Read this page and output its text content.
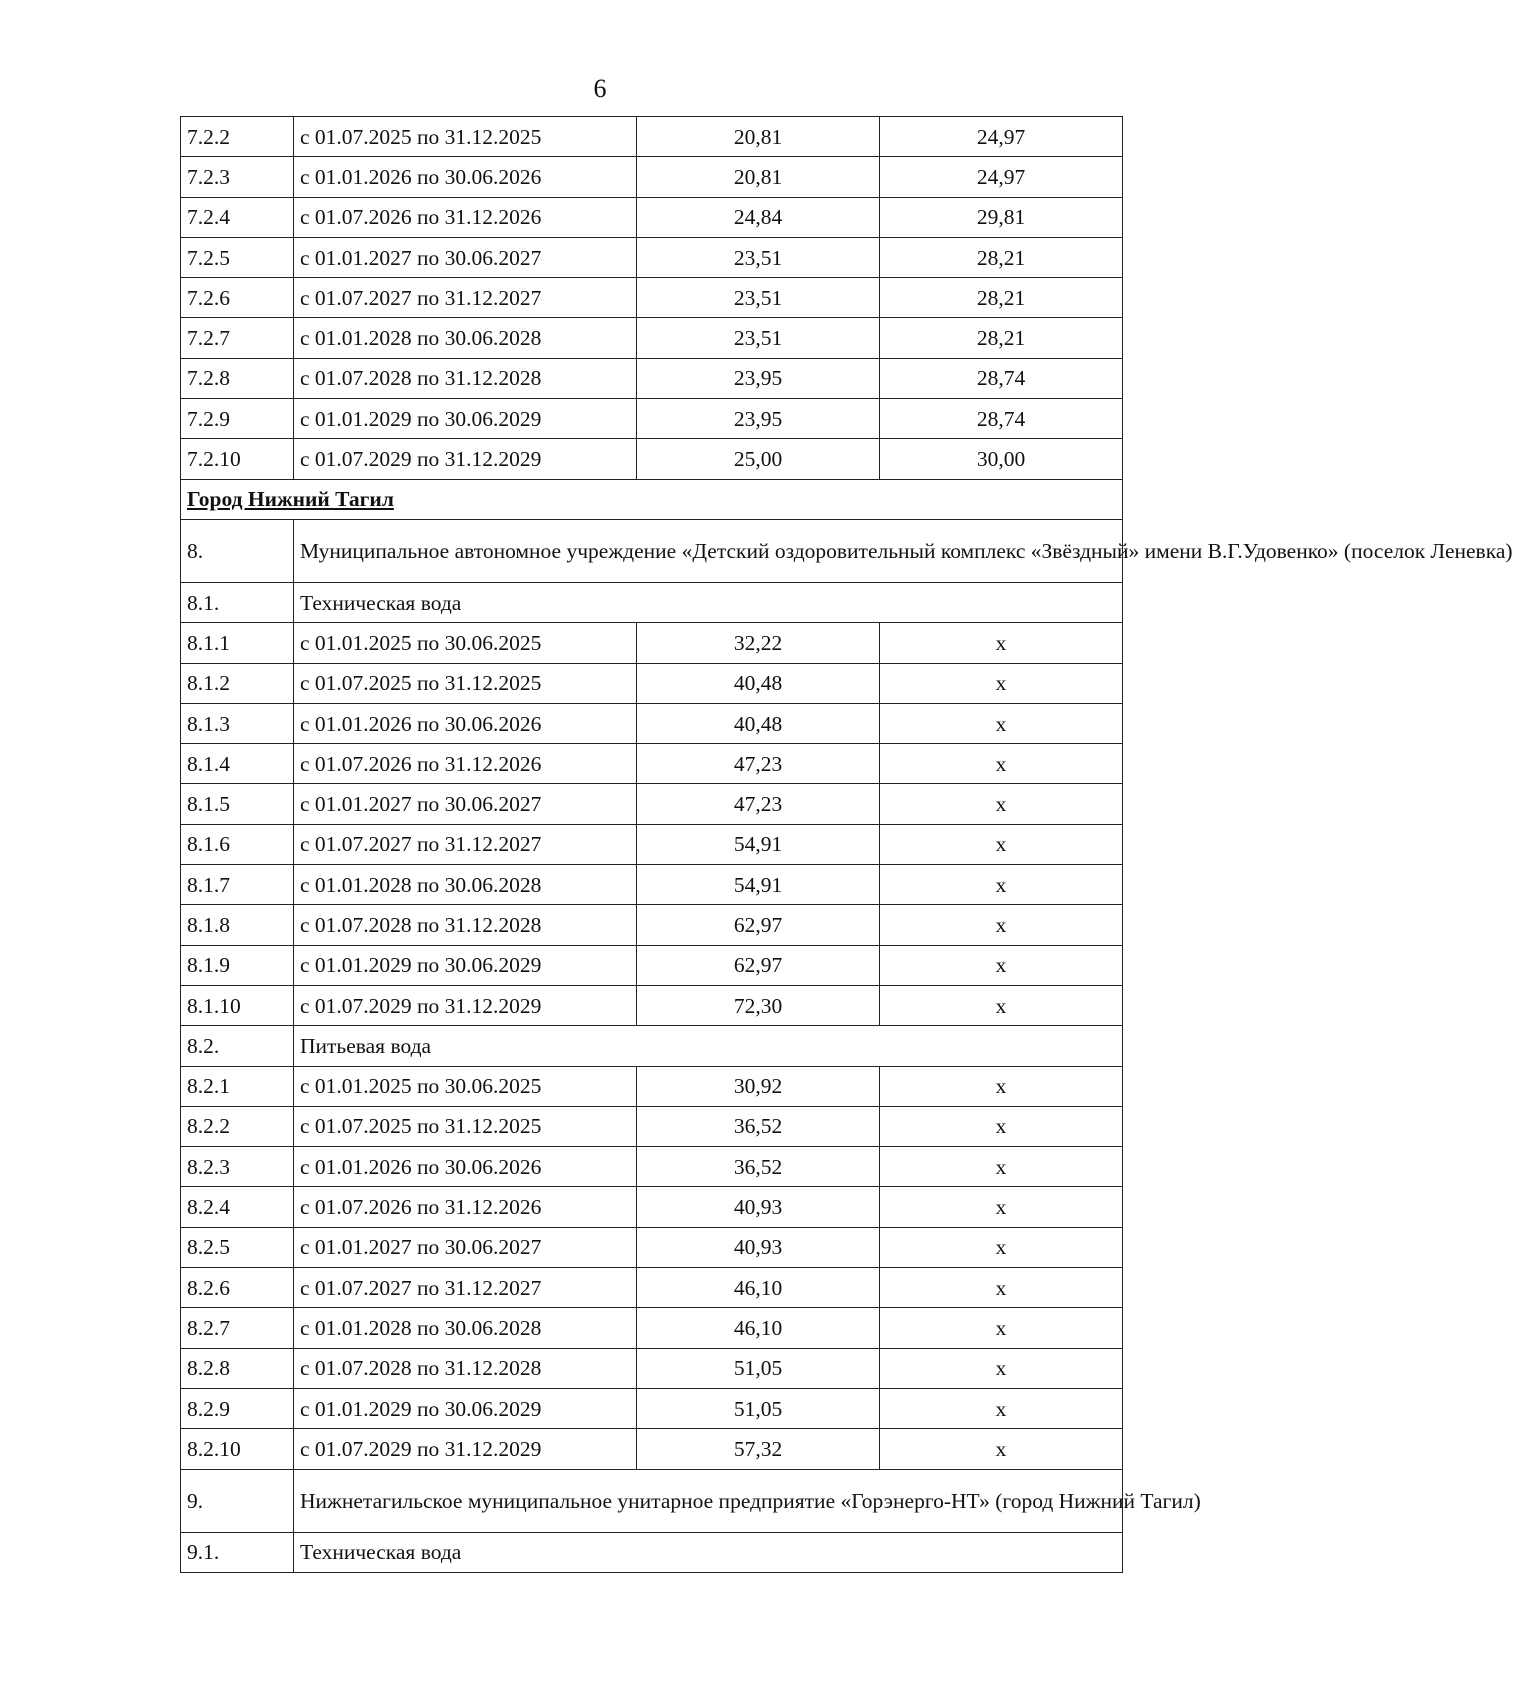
6
7.2.2	с 01.07.2025 по 31.12.2025	20,81	24,97
7.2.3	с 01.01.2026 по 30.06.2026	20,81	24,97
7.2.4	с 01.07.2026 по 31.12.2026	24,84	29,81
7.2.5	с 01.01.2027 по 30.06.2027	23,51	28,21
7.2.6	с 01.07.2027 по 31.12.2027	23,51	28,21
7.2.7	с 01.01.2028 по 30.06.2028	23,51	28,21
7.2.8	с 01.07.2028 по 31.12.2028	23,95	28,74
7.2.9	с 01.01.2029 по 30.06.2029	23,95	28,74
7.2.10	с 01.07.2029 по 31.12.2029	25,00	30,00
Город Нижний Тагил			
8.	Муниципальное автономное учреждение «Детский оздоровительный комплекс «Звёздный» имени В.Г.Удовенко» (поселок Леневка)		
8.1.	Техническая вода		
8.1.1	с 01.01.2025 по 30.06.2025	32,22	х
8.1.2	с 01.07.2025 по 31.12.2025	40,48	х
8.1.3	с 01.01.2026 по 30.06.2026	40,48	х
8.1.4	с 01.07.2026 по 31.12.2026	47,23	х
8.1.5	с 01.01.2027 по 30.06.2027	47,23	х
8.1.6	с 01.07.2027 по 31.12.2027	54,91	х
8.1.7	с 01.01.2028 по 30.06.2028	54,91	х
8.1.8	с 01.07.2028 по 31.12.2028	62,97	х
8.1.9	с 01.01.2029 по 30.06.2029	62,97	х
8.1.10	с 01.07.2029 по 31.12.2029	72,30	х
8.2.	Питьевая вода		
8.2.1	с 01.01.2025 по 30.06.2025	30,92	х
8.2.2	с 01.07.2025 по 31.12.2025	36,52	х
8.2.3	с 01.01.2026 по 30.06.2026	36,52	х
8.2.4	с 01.07.2026 по 31.12.2026	40,93	х
8.2.5	с 01.01.2027 по 30.06.2027	40,93	х
8.2.6	с 01.07.2027 по 31.12.2027	46,10	х
8.2.7	с 01.01.2028 по 30.06.2028	46,10	х
8.2.8	с 01.07.2028 по 31.12.2028	51,05	х
8.2.9	с 01.01.2029 по 30.06.2029	51,05	х
8.2.10	с 01.07.2029 по 31.12.2029	57,32	х
9.	Нижнетагильское муниципальное унитарное предприятие «Горэнерго-НТ» (город Нижний Тагил)		
9.1.	Техническая вода		
